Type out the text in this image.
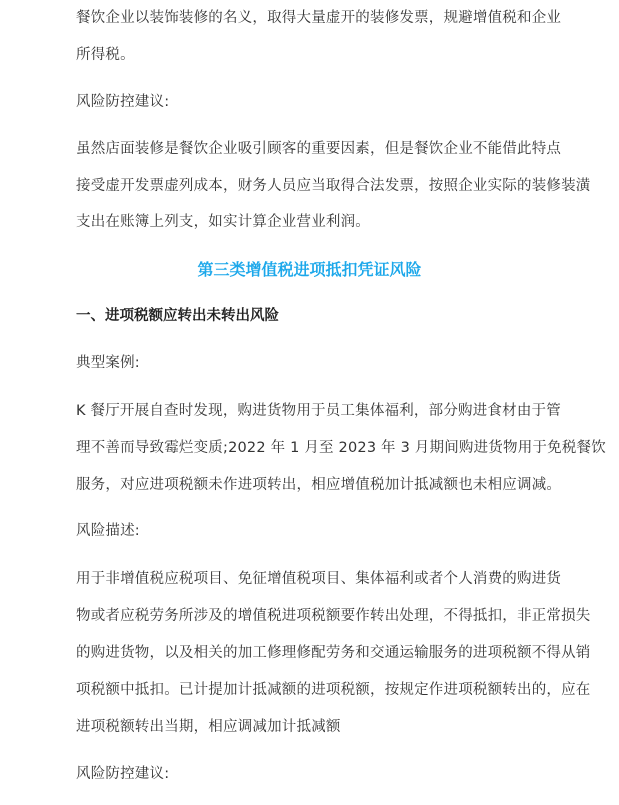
餐饮企业以装饰装修的名义，取得大量虚开的装修发票，规避增值税和企业
所得税。
风险防控建议:
虽然店面装修是餐饮企业吸引顾客的重要因素，但是餐饮企业不能借此特点
接受虚开发票虚列成本，财务人员应当取得合法发票，按照企业实际的装修装潢
支出在账簿上列支，如实计算企业营业利润。
第三类增值税进项抵扣凭证风险
一、进项税额应转出未转出风险
典型案例:
K 餐厅开展自查时发现，购进货物用于员工集体福利，部分购进食材由于管
理不善而导致霉烂变质;2022 年 1 月至 2023 年 3 月期间购进货物用于免税餐饮
服务，对应进项税额未作进项转出，相应增值税加计抵减额也未相应调减。
风险描述:
用于非增值税应税项目、免征增值税项目、集体福利或者个人消费的购进货
物或者应税劳务所涉及的增值税进项税额要作转出处理，不得抵扣，非正常损失
的购进货物，以及相关的加工修理修配劳务和交通运输服务的进项税额不得从销
项税额中抵扣。已计提加计抵减额的进项税额，按规定作进项税额转出的，应在
进项税额转出当期，相应调减加计抵减额
风险防控建议:
